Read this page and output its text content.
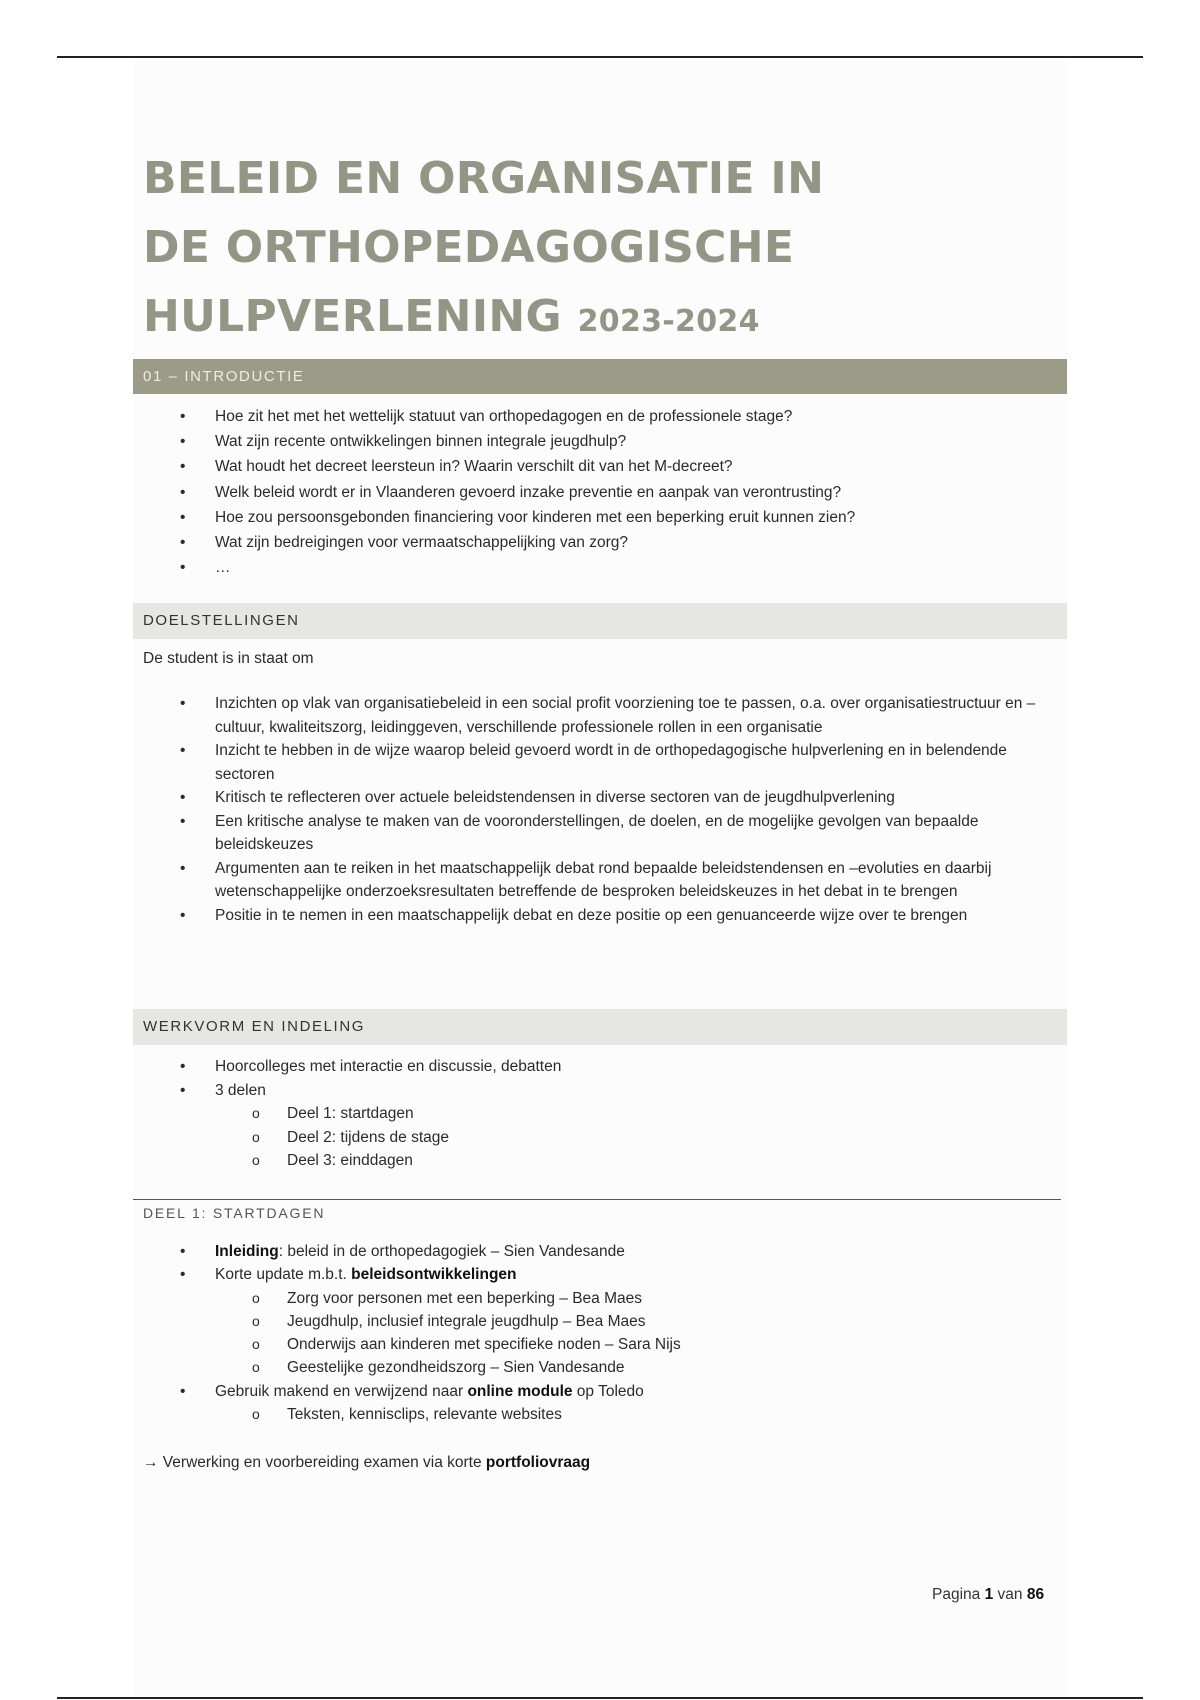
BELEID EN ORGANISATIE IN DE ORTHOPEDAGOGISCHE HULPVERLENING 2023-2024
01 – INTRODUCTIE
• Hoe zit het met het wettelijk statuut van orthopedagogen en de professionele stage?
• Wat zijn recente ontwikkelingen binnen integrale jeugdhulp?
• Wat houdt het decreet leersteun in? Waarin verschilt dit van het M-decreet?
• Welk beleid wordt er in Vlaanderen gevoerd inzake preventie en aanpak van verontrusting?
• Hoe zou persoonsgebonden financiering voor kinderen met een beperking eruit kunnen zien?
• Wat zijn bedreigingen voor vermaatschappelijking van zorg?
• …
DOELSTELLINGEN

De student is in staat om

• Inzichten op vlak van organisatiebeleid in een social profit voorziening toe te passen, o.a. over organisatiestructuur en –cultuur, kwaliteitszorg, leidinggeven, verschillende professionele rollen in een organisatie
• Inzicht te hebben in de wijze waarop beleid gevoerd wordt in de orthopedagogische hulpverlening en in belendende sectoren
• Kritisch te reflecteren over actuele beleidstendensen in diverse sectoren van de jeugdhulpverlening
• Een kritische analyse te maken van de vooronderstellingen, de doelen, en de mogelijke gevolgen van bepaalde beleidskeuzes
• Argumenten aan te reiken in het maatschappelijk debat rond bepaalde beleidstendensen en –evoluties en daarbij wetenschappelijke onderzoeksresultaten betreffende de besproken beleidskeuzes in het debat in te brengen
• Positie in te nemen in een maatschappelijk debat en deze positie op een genuanceerde wijze over te brengen
WERKVORM EN INDELING
• Hoorcolleges met interactie en discussie, debatten
• 3 delen
o Deel 1: startdagen
o Deel 2: tijdens de stage
o Deel 3: einddagen
DEEL 1: STARTDAGEN
• Inleiding: beleid in de orthopedagogiek – Sien Vandesande
• Korte update m.b.t. beleidsontwikkelingen
o Zorg voor personen met een beperking – Bea Maes
o Jeugdhulp, inclusief integrale jeugdhulp – Bea Maes
o Onderwijs aan kinderen met specifieke noden – Sara Nijs
o Geestelijke gezondheidszorg – Sien Vandesande
• Gebruik makend en verwijzend naar online module op Toledo
o Teksten, kennisclips, relevante websites

→ Verwerking en voorbereiding examen via korte portfoliovraag

Pagina 1 van 86
